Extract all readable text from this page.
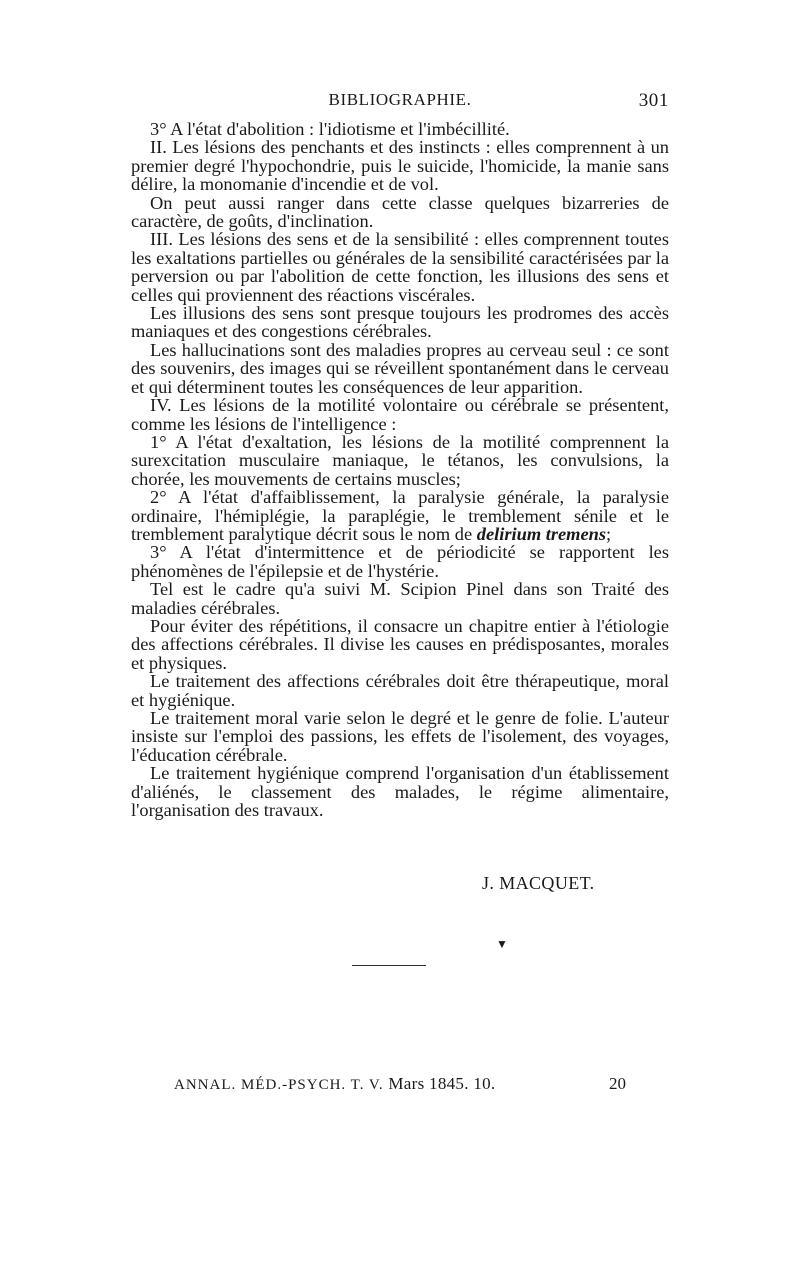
BIBLIOGRAPHIE.	301

3° A l'état d'abolition : l'idiotisme et l'imbécillité.

II. Les lésions des penchants et des instincts : elles comprennent à un premier degré l'hypochondrie, puis le suicide, l'homicide, la manie sans délire, la monomanie d'incendie et de vol.

On peut aussi ranger dans cette classe quelques bizarreries de caractère, de goûts, d'inclination.

III. Les lésions des sens et de la sensibilité : elles comprennent toutes les exaltations partielles ou générales de la sensibilité caractérisées par la perversion ou par l'abolition de cette fonction, les illusions des sens et celles qui proviennent des réactions viscérales.

Les illusions des sens sont presque toujours les prodromes des accès maniaques et des congestions cérébrales.

Les hallucinations sont des maladies propres au cerveau seul : ce sont des souvenirs, des images qui se réveillent spontanément dans le cerveau et qui déterminent toutes les conséquences de leur apparition.

IV. Les lésions de la motilité volontaire ou cérébrale se présentent, comme les lésions de l'intelligence :

1° A l'état d'exaltation, les lésions de la motilité comprennent la surexcitation musculaire maniaque, le tétanos, les convulsions, la chorée, les mouvements de certains muscles;

2° A l'état d'affaiblissement, la paralysie générale, la paralysie ordinaire, l'hémiplégie, la paraplégie, le tremblement sénile et le tremblement paralytique décrit sous le nom de delirium tremens;

3° A l'état d'intermittence et de périodicité se rapportent les phénomènes de l'épilepsie et de l'hystérie.

Tel est le cadre qu'a suivi M. Scipion Pinel dans son Traité des maladies cérébrales.

Pour éviter des répétitions, il consacre un chapitre entier à l'étiologie des affections cérébrales. Il divise les causes en prédisposantes, morales et physiques.

Le traitement des affections cérébrales doit être thérapeutique, moral et hygiénique.

Le traitement moral varie selon le degré et le genre de folie. L'auteur insiste sur l'emploi des passions, les effets de l'isolement, des voyages, l'éducation cérébrale.

Le traitement hygiénique comprend l'organisation d'un établissement d'aliénés, le classement des malades, le régime alimentaire, l'organisation des travaux.

J. MACQUET.
▼
ANNAL. MÉD.-PSYCH. T. V. Mars 1845. 10.	20
